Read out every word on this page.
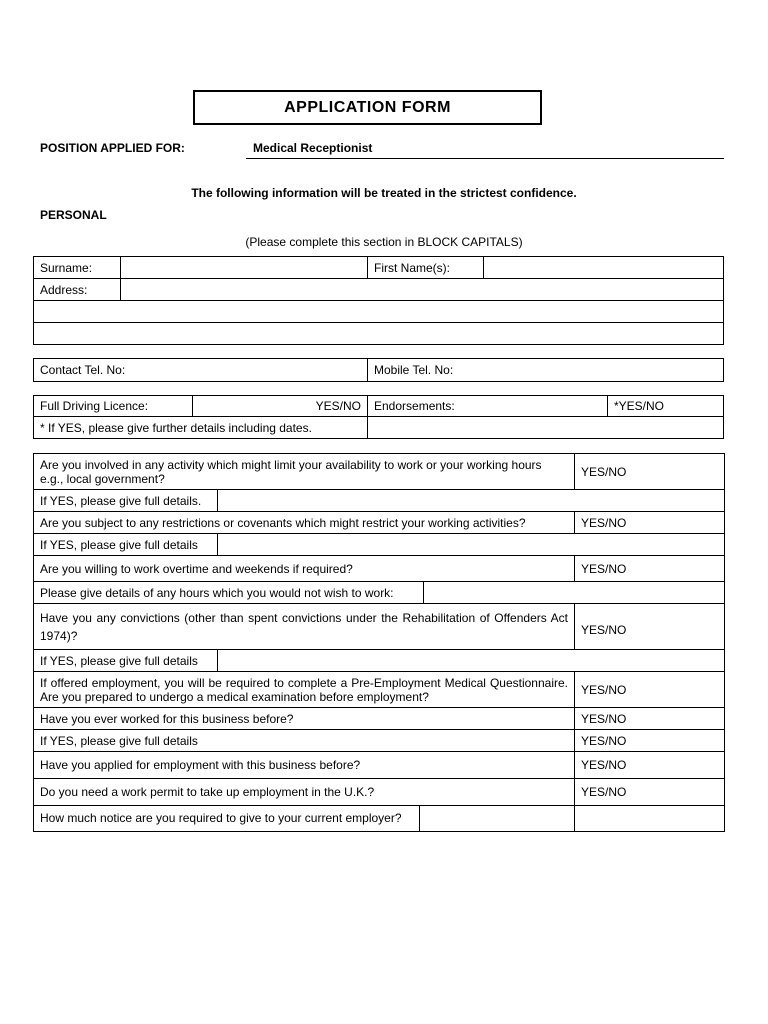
APPLICATION FORM
POSITION APPLIED FOR:	Medical Receptionist
The following information will be treated in the strictest confidence.
PERSONAL
(Please complete this section in BLOCK CAPITALS)
Surname:		First Name(s):	
Address:			

Contact Tel. No:	Mobile Tel. No:
Full Driving Licence:	YES/NO	Endorsements:	*YES/NO
* If YES, please give further details including dates.			
Are you involved in any activity which might limit your availability to work or your working hours e.g., local government?			YES/NO
If YES, please give full details.			
Are you subject to any restrictions or covenants which might restrict your working activities?			YES/NO
If YES, please give full details			
Are you willing to work overtime and weekends if required?			YES/NO
Please give details of any hours which you would not wish to work:			
Have you any convictions (other than spent convictions under the Rehabilitation of Offenders Act 1974)?			YES/NO
If YES, please give full details			
If offered employment, you will be required to complete a Pre-Employment Medical Questionnaire. Are you prepared to undergo a medical examination before employment?			YES/NO
Have you ever worked for this business before?			YES/NO
If YES, please give full details			YES/NO
Have you applied for employment with this business before?			YES/NO
Do you need a work permit to take up employment in the U.K.?			YES/NO

How much notice are you required to give to your current employer?			
